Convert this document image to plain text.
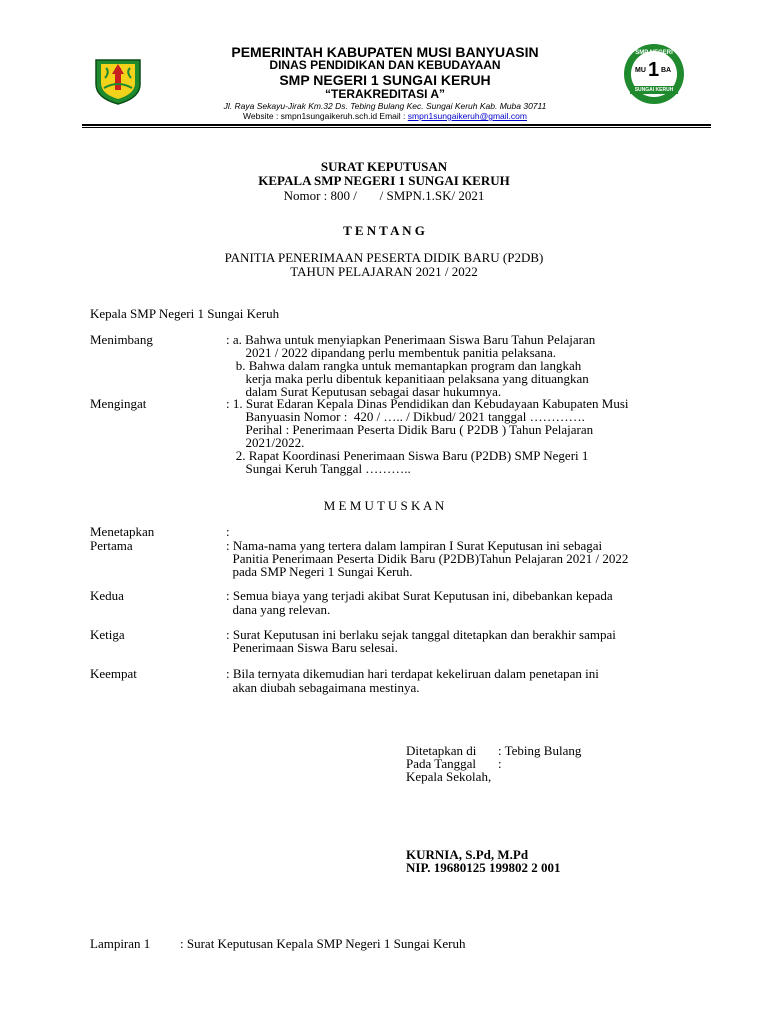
SMP NEGERI
MU 1 BA
SUNGAI KERUH
PEMERINTAH KABUPATEN MUSI BANYUASIN
DINAS PENDIDIKAN DAN KEBUDAYAAN
SMP NEGERI 1 SUNGAI KERUH
“TERAKREDITASI A”
Jl. Raya Sekayu-Jirak Km.32 Ds. Tebing Bulang Kec. Sungai Keruh Kab. Muba 30711
Website : smpn1sungaikeruh.sch.id Email : smpn1sungaikeruh@gmail.com
SURAT KEPUTUSAN
KEPALA SMP NEGERI 1 SUNGAI KERUH
Nomor : 800 /       / SMPN.1.SK/ 2021
T E N T A N G
PANITIA PENERIMAAN PESERTA DIDIK BARU (P2DB)
TAHUN PELAJARAN 2021 / 2022
Kepala SMP Negeri 1 Sungai Keruh
Menimbang	: a. Bahwa untuk menyiapkan Penerimaan Siswa Baru Tahun Pelajaran
2021 / 2022 dipandang perlu membentuk panitia pelaksana.
b. Bahwa dalam rangka untuk memantapkan program dan langkah
kerja maka perlu dibentuk kepanitiaan pelaksana yang dituangkan
dalam Surat Keputusan sebagai dasar hukumnya.
Mengingat	: 1. Surat Edaran Kepala Dinas Pendidikan dan Kebudayaan Kabupaten Musi
Banyuasin Nomor :  420 / ….. / Dikbud/ 2021 tanggal ………….
Perihal : Penerimaan Peserta Didik Baru ( P2DB ) Tahun Pelajaran
2021/2022.
2. Rapat Koordinasi Penerimaan Siswa Baru (P2DB) SMP Negeri 1
Sungai Keruh Tanggal ………..
M E M U T U S K A N
Menetapkan	:
Pertama	: Nama-nama yang tertera dalam lampiran I Surat Keputusan ini sebagai
Panitia Penerimaan Peserta Didik Baru (P2DB)Tahun Pelajaran 2021 / 2022
pada SMP Negeri 1 Sungai Keruh.
Kedua	: Semua biaya yang terjadi akibat Surat Keputusan ini, dibebankan kepada
dana yang relevan.
Ketiga	: Surat Keputusan ini berlaku sejak tanggal ditetapkan dan berakhir sampai
Penerimaan Siswa Baru selesai.
Keempat	: Bila ternyata dikemudian hari terdapat kekeliruan dalam penetapan ini
akan diubah sebagaimana mestinya.
Ditetapkan di : Tebing Bulang
Pada Tanggal :
Kepala Sekolah,
KURNIA, S.Pd, M.Pd
NIP. 19680125 199802 2 001
Lampiran 1 : Surat Keputusan Kepala SMP Negeri 1 Sungai Keruh
